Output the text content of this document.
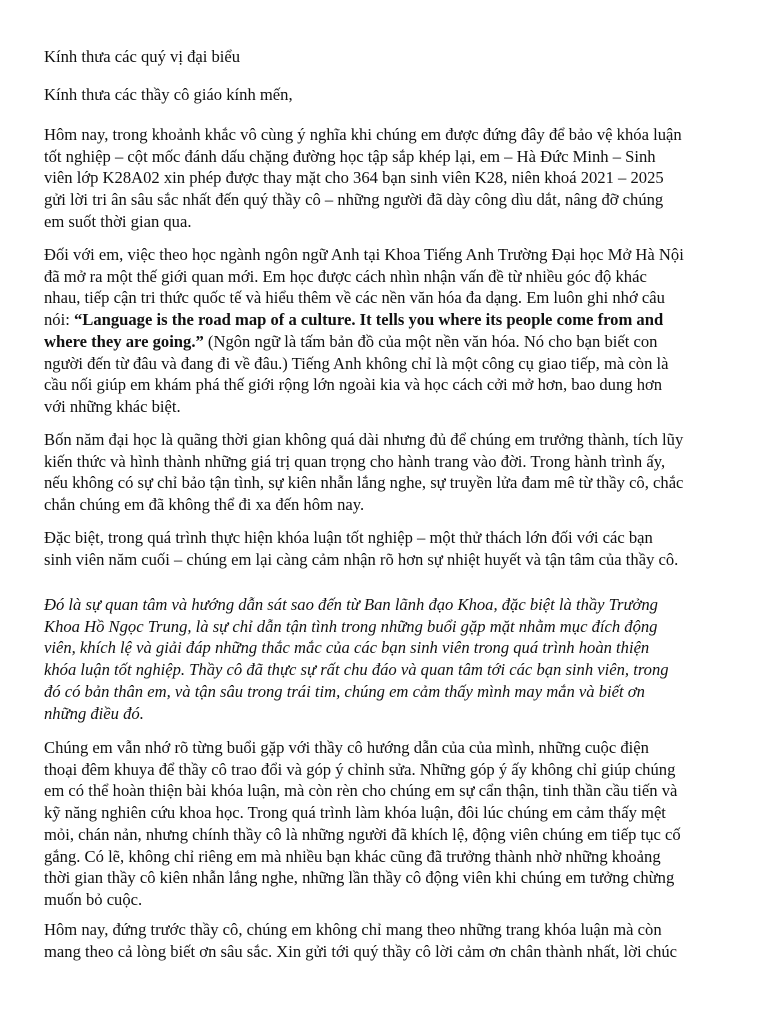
Kính thưa các quý vị đại biểu
Kính thưa các thầy cô giáo kính mến,
Hôm nay, trong khoảnh khắc vô cùng ý nghĩa khi chúng em được đứng đây để bảo vệ khóa luận
tốt nghiệp – cột mốc đánh dấu chặng đường học tập sắp khép lại, em – Hà Đức Minh – Sinh
viên lớp K28A02 xin phép được thay mặt cho 364 bạn sinh viên K28, niên khoá 2021 – 2025
gửi lời tri ân sâu sắc nhất đến quý thầy cô – những người đã dày công dìu dắt, nâng đỡ chúng
em suốt thời gian qua.
Đối với em, việc theo học ngành ngôn ngữ Anh tại Khoa Tiếng Anh Trường Đại học Mở Hà Nội
đã mở ra một thế giới quan mới. Em học được cách nhìn nhận vấn đề từ nhiều góc độ khác
nhau, tiếp cận tri thức quốc tế và hiểu thêm về các nền văn hóa đa dạng. Em luôn ghi nhớ câu
nói: “Language is the road map of a culture. It tells you where its people come from and
where they are going.” (Ngôn ngữ là tấm bản đồ của một nền văn hóa. Nó cho bạn biết con
người đến từ đâu và đang đi về đâu.) Tiếng Anh không chỉ là một công cụ giao tiếp, mà còn là
cầu nối giúp em khám phá thế giới rộng lớn ngoài kia và học cách cởi mở hơn, bao dung hơn
với những khác biệt.
Bốn năm đại học là quãng thời gian không quá dài nhưng đủ để chúng em trưởng thành, tích lũy
kiến thức và hình thành những giá trị quan trọng cho hành trang vào đời. Trong hành trình ấy,
nếu không có sự chỉ bảo tận tình, sự kiên nhẫn lắng nghe, sự truyền lửa đam mê từ thầy cô, chắc
chắn chúng em đã không thể đi xa đến hôm nay.
Đặc biệt, trong quá trình thực hiện khóa luận tốt nghiệp – một thử thách lớn đối với các bạn
sinh viên năm cuối – chúng em lại càng cảm nhận rõ hơn sự nhiệt huyết và tận tâm của thầy cô.
Đó là sự quan tâm và hướng dẫn sát sao đến từ Ban lãnh đạo Khoa, đặc biệt là thầy Trưởng
Khoa Hồ Ngọc Trung, là sự chỉ dẫn tận tình trong những buổi gặp mặt nhằm mục đích động
viên, khích lệ và giải đáp những thắc mắc của các bạn sinh viên trong quá trình hoàn thiện
khóa luận tốt nghiệp. Thầy cô đã thực sự rất chu đáo và quan tâm tới các bạn sinh viên, trong
đó có bản thân em, và tận sâu trong trái tim, chúng em cảm thấy mình may mắn và biết ơn
những điều đó.
Chúng em vẫn nhớ rõ từng buổi gặp với thầy cô hướng dẫn của của mình, những cuộc điện
thoại đêm khuya để thầy cô trao đổi và góp ý chỉnh sửa. Những góp ý ấy không chỉ giúp chúng
em có thể hoàn thiện bài khóa luận, mà còn rèn cho chúng em sự cẩn thận, tinh thần cầu tiến và
kỹ năng nghiên cứu khoa học. Trong quá trình làm khóa luận, đôi lúc chúng em cảm thấy mệt
mỏi, chán nản, nhưng chính thầy cô là những người đã khích lệ, động viên chúng em tiếp tục cố
gắng. Có lẽ, không chỉ riêng em mà nhiều bạn khác cũng đã trưởng thành nhờ những khoảng
thời gian thầy cô kiên nhẫn lắng nghe, những lần thầy cô động viên khi chúng em tưởng chừng
muốn bỏ cuộc.
Hôm nay, đứng trước thầy cô, chúng em không chỉ mang theo những trang khóa luận mà còn
mang theo cả lòng biết ơn sâu sắc. Xin gửi tới quý thầy cô lời cảm ơn chân thành nhất, lời chúc
